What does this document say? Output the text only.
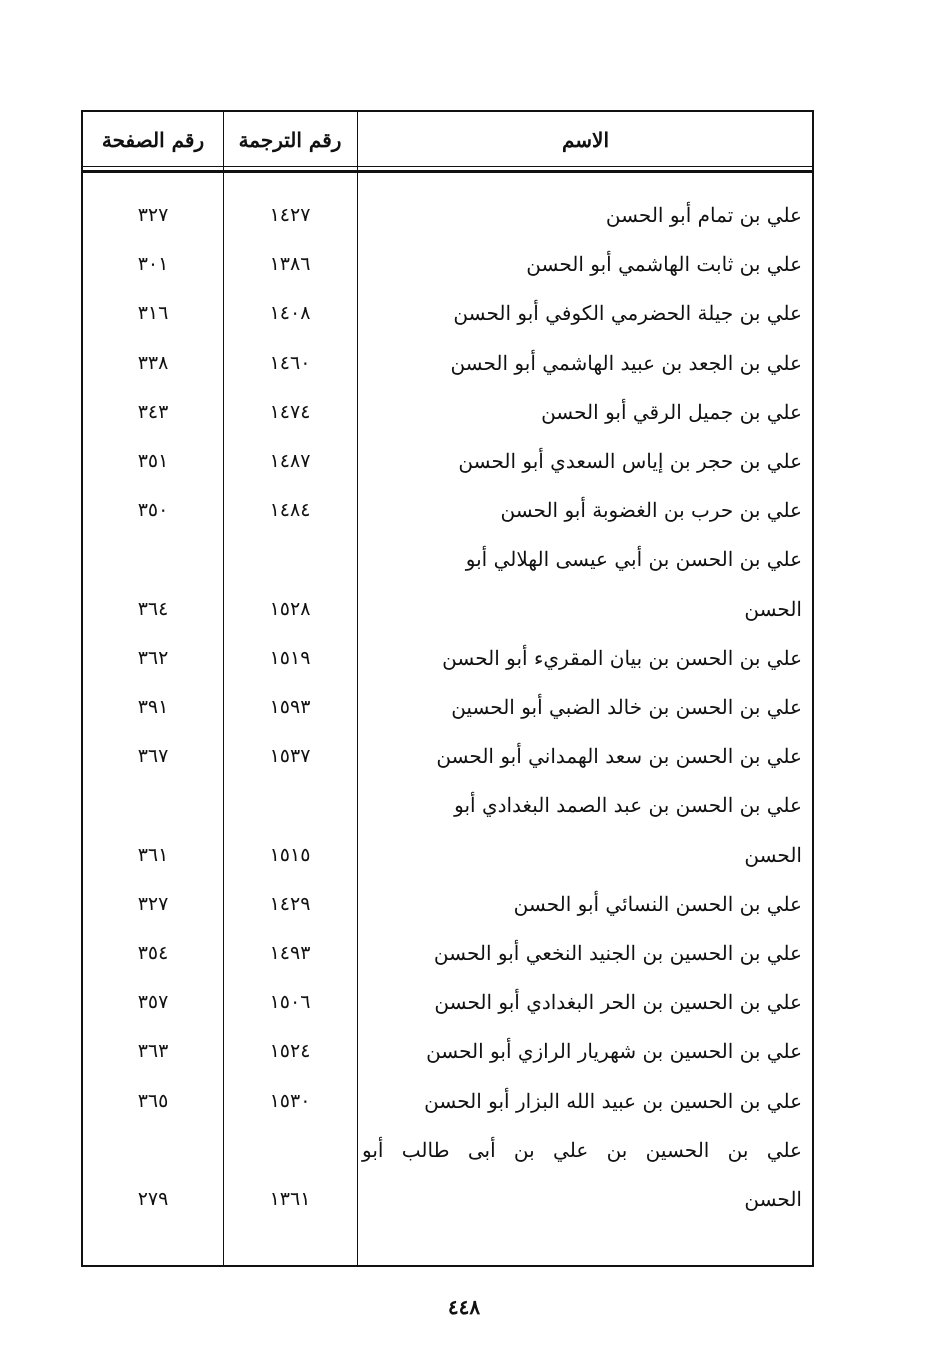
رقم الصفحة	رقم الترجمة	الاسم
علي بن تمام أبو الحسن
١٤٢٧
٣٢٧
علي بن ثابت الهاشمي أبو الحسن
١٣٨٦
٣٠١
علي بن جيلة الحضرمي الكوفي أبو الحسن
١٤٠٨
٣١٦
علي بن الجعد بن عبيد الهاشمي أبو الحسن
١٤٦٠
٣٣٨
علي بن جميل الرقي أبو الحسن
١٤٧٤
٣٤٣
علي بن حجر بن إياس السعدي أبو الحسن
١٤٨٧
٣٥١
علي بن حرب بن الغضوبة أبو الحسن
١٤٨٤
٣٥٠
علي بن الحسن بن أبي عيسى الهلالي أبو
الحسن
١٥٢٨
٣٦٤
علي بن الحسن بن بيان المقريء أبو الحسن
١٥١٩
٣٦٢
علي بن الحسن بن خالد الضبي أبو الحسين
١٥٩٣
٣٩١
علي بن الحسن بن سعد الهمداني أبو الحسن
١٥٣٧
٣٦٧
علي بن الحسن بن عبد الصمد البغدادي أبو
الحسن
١٥١٥
٣٦١
علي بن الحسن النسائي أبو الحسن
١٤٢٩
٣٢٧
علي بن الحسين بن الجنيد النخعي أبو الحسن
١٤٩٣
٣٥٤
علي بن الحسين بن الحر البغدادي أبو الحسن
١٥٠٦
٣٥٧
علي بن الحسين بن شهريار الرازي أبو الحسن
١٥٢٤
٣٦٣
علي بن الحسين بن عبيد الله البزار أبو الحسن
١٥٣٠
٣٦٥
علي بن الحسين بن علي بن أبى طالب أبو
الحسن
١٣٦١
٢٧٩
٤٤٨
